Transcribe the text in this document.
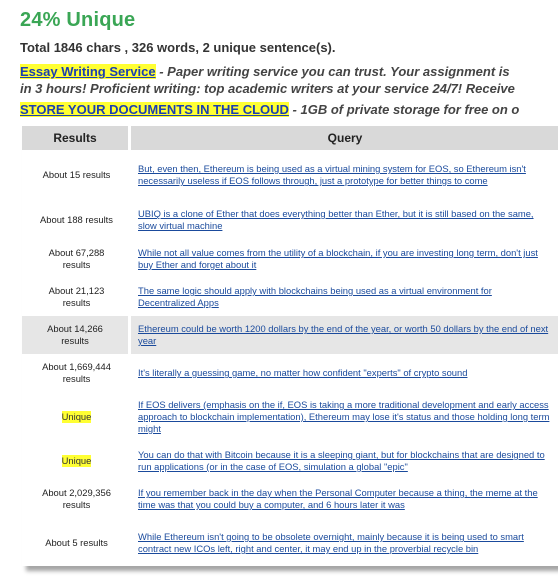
24% Unique
Total 1846 chars , 326 words, 2 unique sentence(s).
Essay Writing Service - Paper writing service you can trust. Your assignment is
in 3 hours! Proficient writing: top academic writers at your service 24/7! Receive
STORE YOUR DOCUMENTS IN THE CLOUD - 1GB of private storage for free on o
Results	Query
About 15 results	But, even then, Ethereum is being used as a virtual mining system for EOS, so Ethereum isn't necessarily useless if EOS follows through, just a prototype for better things to come

About 188 results	UBIQ is a clone of Ether that does everything better than Ether, but it is still based on the same, slow virtual machine

About 67,288 results	While not all value comes from the utility of a blockchain, if you are investing long term, don't just buy Ether and forget about it

About 21,123 results	The same logic should apply with blockchains being used as a virtual environment for Decentralized Apps

About 14,266 results	Ethereum could be worth 1200 dollars by the end of the year, or worth 50 dollars by the end of next year

About 1,669,444 results	It's literally a guessing game, no matter how confident "experts" of crypto sound

Unique	If EOS delivers (emphasis on the if, EOS is taking a more traditional development and early access approach to blockchain implementation), Ethereum may lose it's status and those holding long term might

Unique	You can do that with Bitcoin because it is a sleeping giant, but for blockchains that are designed to run applications (or in the case of EOS, simulation a global "epic"

About 2,029,356 results	If you remember back in the day when the Personal Computer because a thing, the meme at the time was that you could buy a computer, and 6 hours later it was

About 5 results	While Ethereum isn't going to be obsolete overnight, mainly because it is being used to smart contract new ICOs left, right and center, it may end up in the proverbial recycle bin
